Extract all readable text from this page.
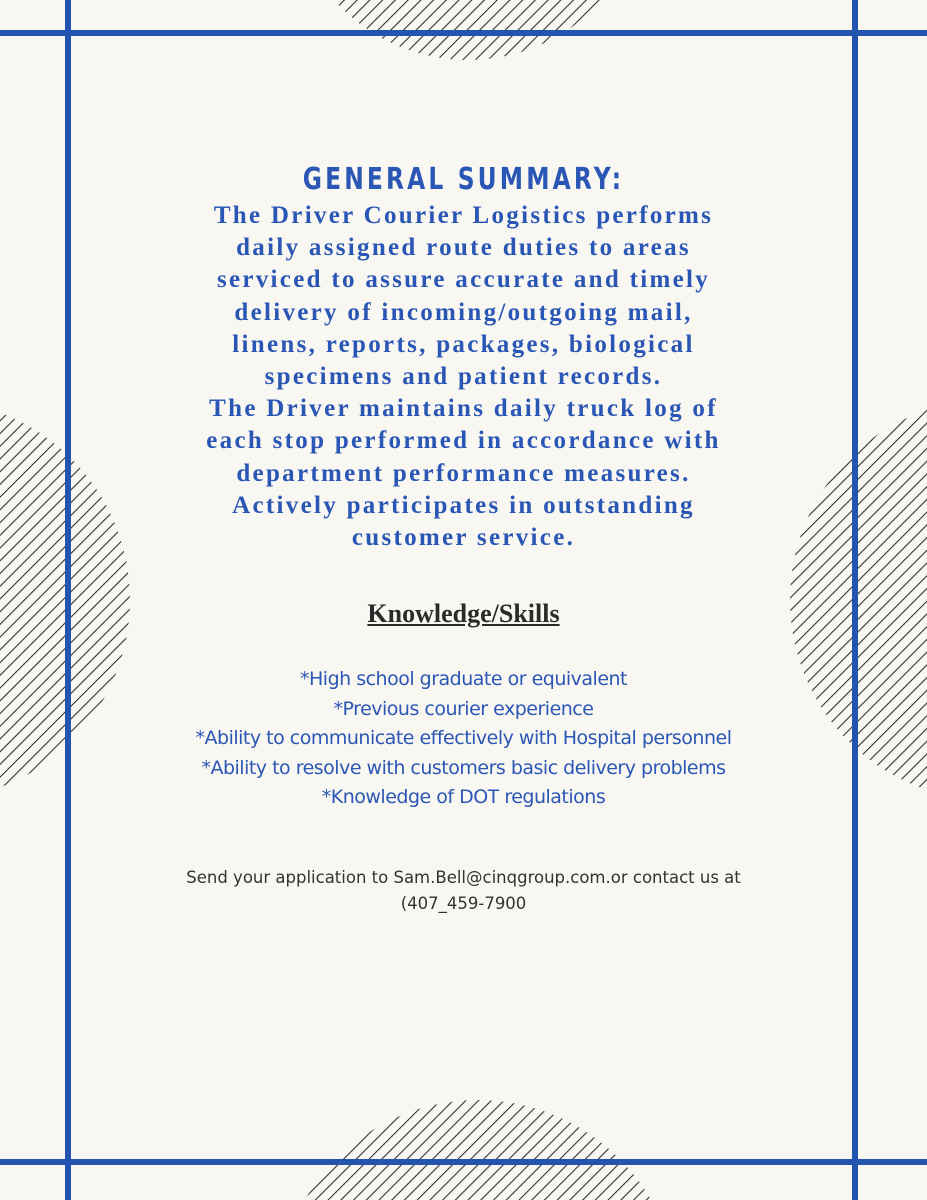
GENERAL SUMMARY:

The Driver Courier Logistics performs
daily assigned route duties to areas
serviced to assure accurate and timely
delivery of incoming/outgoing mail,
linens, reports, packages, biological
specimens and patient records.
The Driver maintains daily truck log of
each stop performed in accordance with
department performance measures.
Actively participates in outstanding
customer service.

Knowledge/Skills
*High school graduate or equivalent
*Previous courier experience
*Ability to communicate effectively with Hospital personnel
*Ability to resolve with customers basic delivery problems
*Knowledge of DOT regulations

Send your application to Sam.Bell@cinqgroup.com.or contact us at
(407_459-7900
